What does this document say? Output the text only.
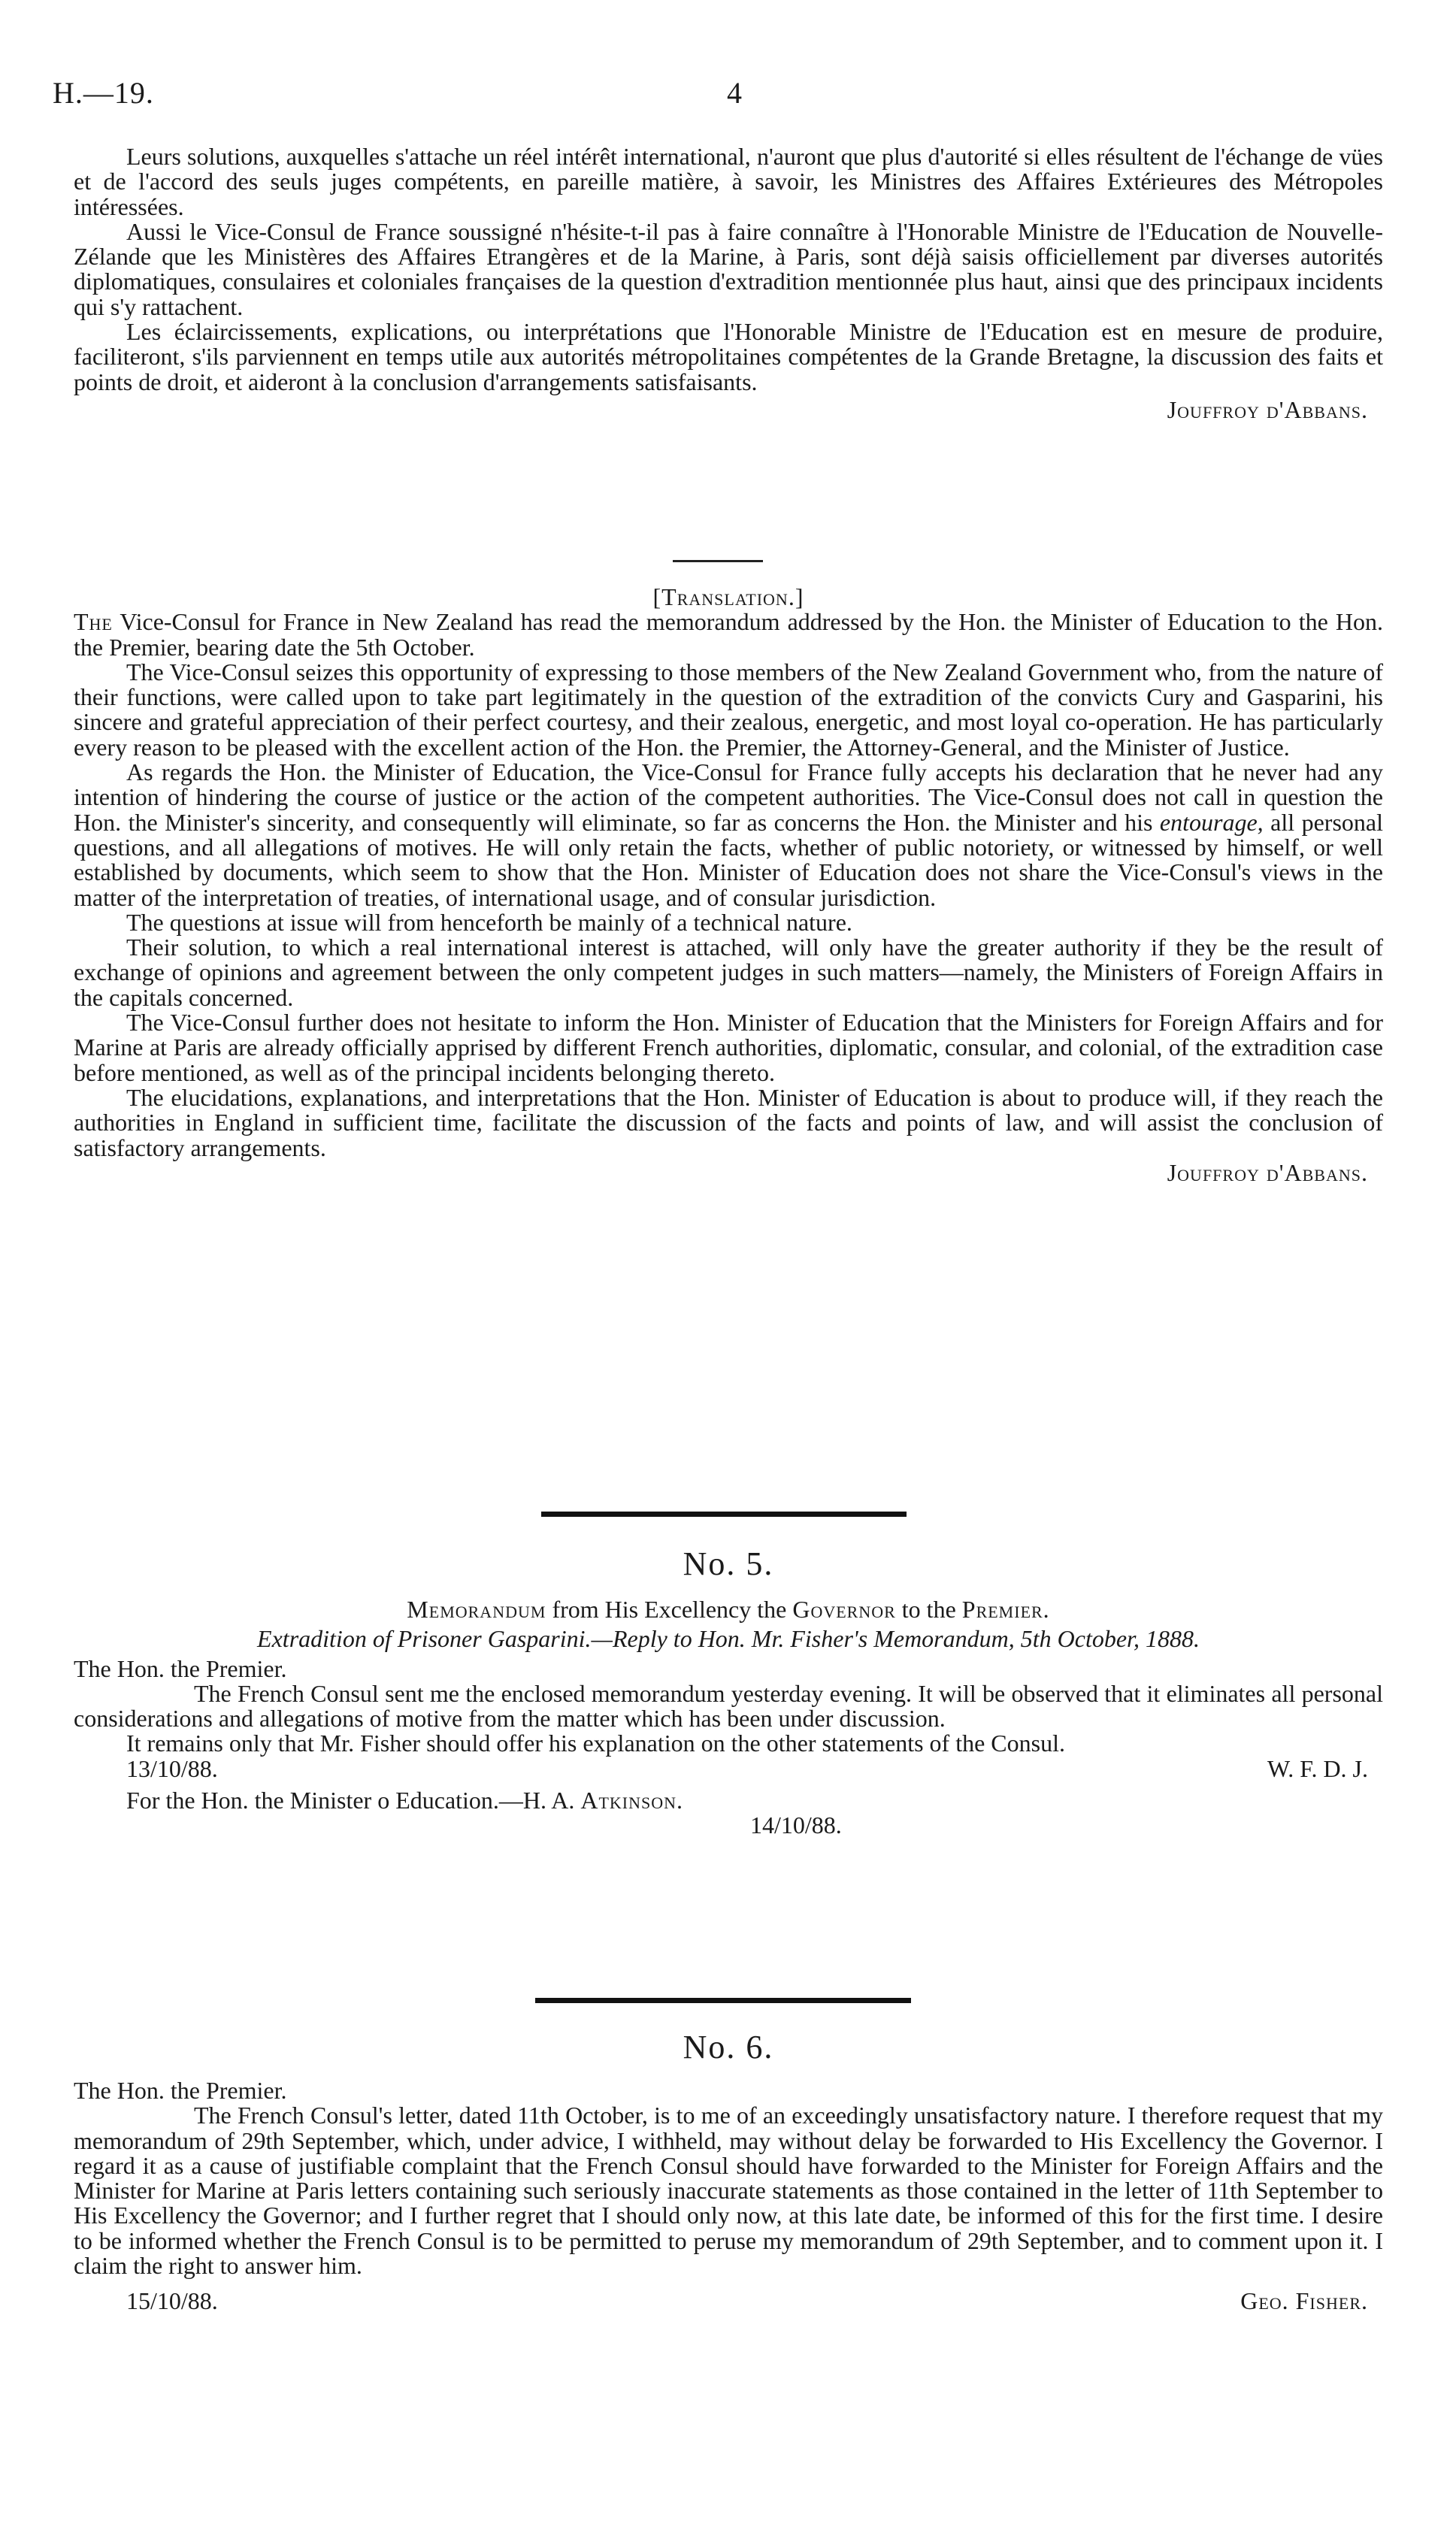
H.—19.	4

Leurs solutions, auxquelles s'attache un réel intérêt international, n'auront que plus d'autorité si elles résultent de l'échange de vües et de l'accord des seuls juges compétents, en pareille matière, à savoir, les Ministres des Affaires Extérieures des Métropoles intéressées.

Aussi le Vice-Consul de France soussigné n'hésite-t-il pas à faire connaître à l'Honorable Ministre de l'Education de Nouvelle-Zélande que les Ministères des Affaires Etrangères et de la Marine, à Paris, sont déjà saisis officiellement par diverses autorités diplomatiques, consulaires et coloniales françaises de la question d'extradition mentionnée plus haut, ainsi que des principaux incidents qui s'y rattachent.

Les éclaircissements, explications, ou interprétations que l'Honorable Ministre de l'Education est en mesure de produire, faciliteront, s'ils parviennent en temps utile aux autorités métropolitaines compétentes de la Grande Bretagne, la discussion des faits et points de droit, et aideront à la conclusion d'arrangements satisfaisants.

Jouffroy d'Abbans.

[Translation.]

The Vice-Consul for France in New Zealand has read the memorandum addressed by the Hon. the Minister of Education to the Hon. the Premier, bearing date the 5th October.

The Vice-Consul seizes this opportunity of expressing to those members of the New Zealand Government who, from the nature of their functions, were called upon to take part legitimately in the question of the extradition of the convicts Cury and Gasparini, his sincere and grateful appreciation of their perfect courtesy, and their zealous, energetic, and most loyal co-operation. He has particularly every reason to be pleased with the excellent action of the Hon. the Premier, the Attorney-General, and the Minister of Justice.

As regards the Hon. the Minister of Education, the Vice-Consul for France fully accepts his declaration that he never had any intention of hindering the course of justice or the action of the competent authorities. The Vice-Consul does not call in question the Hon. the Minister's sincerity, and consequently will eliminate, so far as concerns the Hon. the Minister and his entourage, all personal questions, and all allegations of motives. He will only retain the facts, whether of public notoriety, or witnessed by himself, or well established by documents, which seem to show that the Hon. Minister of Education does not share the Vice-Consul's views in the matter of the interpretation of treaties, of international usage, and of consular jurisdiction.

The questions at issue will from henceforth be mainly of a technical nature.

Their solution, to which a real international interest is attached, will only have the greater authority if they be the result of exchange of opinions and agreement between the only competent judges in such matters—namely, the Ministers of Foreign Affairs in the capitals concerned.

The Vice-Consul further does not hesitate to inform the Hon. Minister of Education that the Ministers for Foreign Affairs and for Marine at Paris are already officially apprised by different French authorities, diplomatic, consular, and colonial, of the extradition case before mentioned, as well as of the principal incidents belonging thereto.

The elucidations, explanations, and interpretations that the Hon. Minister of Education is about to produce will, if they reach the authorities in England in sufficient time, facilitate the discussion of the facts and points of law, and will assist the conclusion of satisfactory arrangements.

Jouffroy d'Abbans.

No. 5.

Memorandum from His Excellency the Governor to the Premier.

Extradition of Prisoner Gasparini.—Reply to Hon. Mr. Fisher's Memorandum, 5th October, 1888.

The Hon. the Premier.

The French Consul sent me the enclosed memorandum yesterday evening. It will be observed that it eliminates all personal considerations and allegations of motive from the matter which has been under discussion.

It remains only that Mr. Fisher should offer his explanation on the other statements of the Consul.

13/10/88.	W. F. D. J.

For the Hon. the Minister o Education.—H. A. Atkinson.

14/10/88.

No. 6.

The Hon. the Premier.

The French Consul's letter, dated 11th October, is to me of an exceedingly unsatisfactory nature. I therefore request that my memorandum of 29th September, which, under advice, I withheld, may without delay be forwarded to His Excellency the Governor. I regard it as a cause of justifiable complaint that the French Consul should have forwarded to the Minister for Foreign Affairs and the Minister for Marine at Paris letters containing such seriously inaccurate statements as those contained in the letter of 11th September to His Excellency the Governor; and I further regret that I should only now, at this late date, be informed of this for the first time. I desire to be informed whether the French Consul is to be permitted to peruse my memorandum of 29th September, and to comment upon it. I claim the right to answer him.

15/10/88.	Geo. Fisher.
